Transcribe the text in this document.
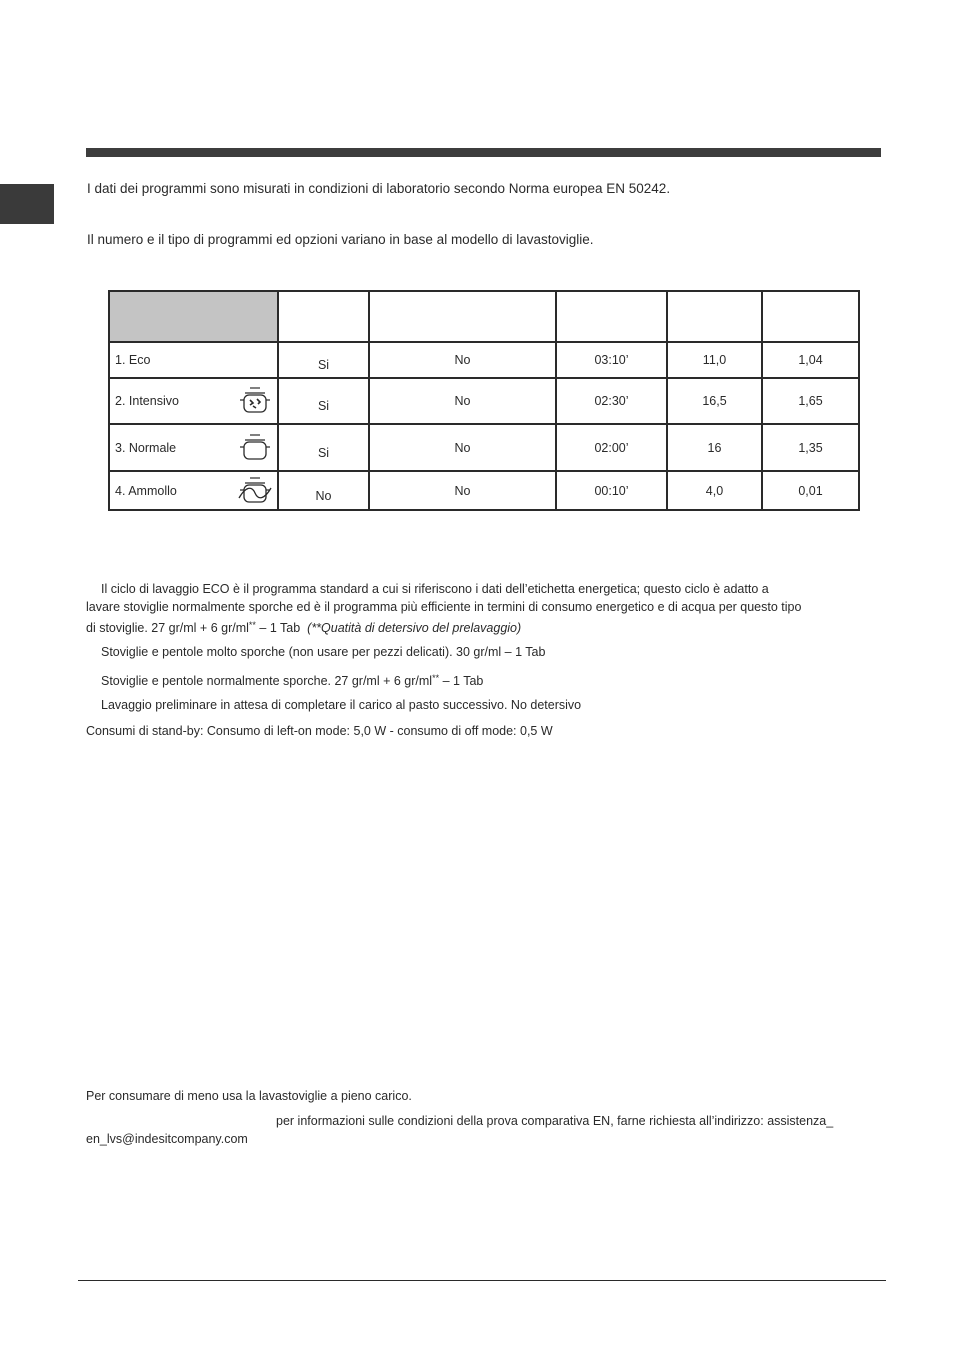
I dati dei programmi sono misurati in condizioni di laboratorio secondo Norma europea EN 50242.
Il numero e il tipo di programmi ed opzioni variano in base al modello di lavastoviglie.

1. Eco	Si	No	03:10’	11,0	1,04
2. Intensivo	Si	No	02:30’	16,5	1,65
3. Normale	Si	No	02:00’	16	1,35
4. Ammollo	No	No	00:10’	4,0	0,01
Il ciclo di lavaggio ECO è il programma standard a cui si riferiscono i dati dell’etichetta energetica; questo ciclo è adatto a
lavare stoviglie normalmente sporche ed è il programma più efficiente in termini di consumo energetico e di acqua per questo tipo
di stoviglie. 27 gr/ml + 6 gr/ml** – 1 Tab (**Quatità di detersivo del prelavaggio)
Stoviglie e pentole molto sporche (non usare per pezzi delicati). 30 gr/ml – 1 Tab
Stoviglie e pentole normalmente sporche. 27 gr/ml + 6 gr/ml** – 1 Tab
Lavaggio preliminare in attesa di completare il carico al pasto successivo. No detersivo
Consumi di stand-by: Consumo di left-on mode: 5,0 W - consumo di off mode: 0,5 W
Per consumare di meno usa la lavastoviglie a pieno carico.
per informazioni sulle condizioni della prova comparativa EN, farne richiesta all’indirizzo: assistenza_
en_lvs@indesitcompany.com
